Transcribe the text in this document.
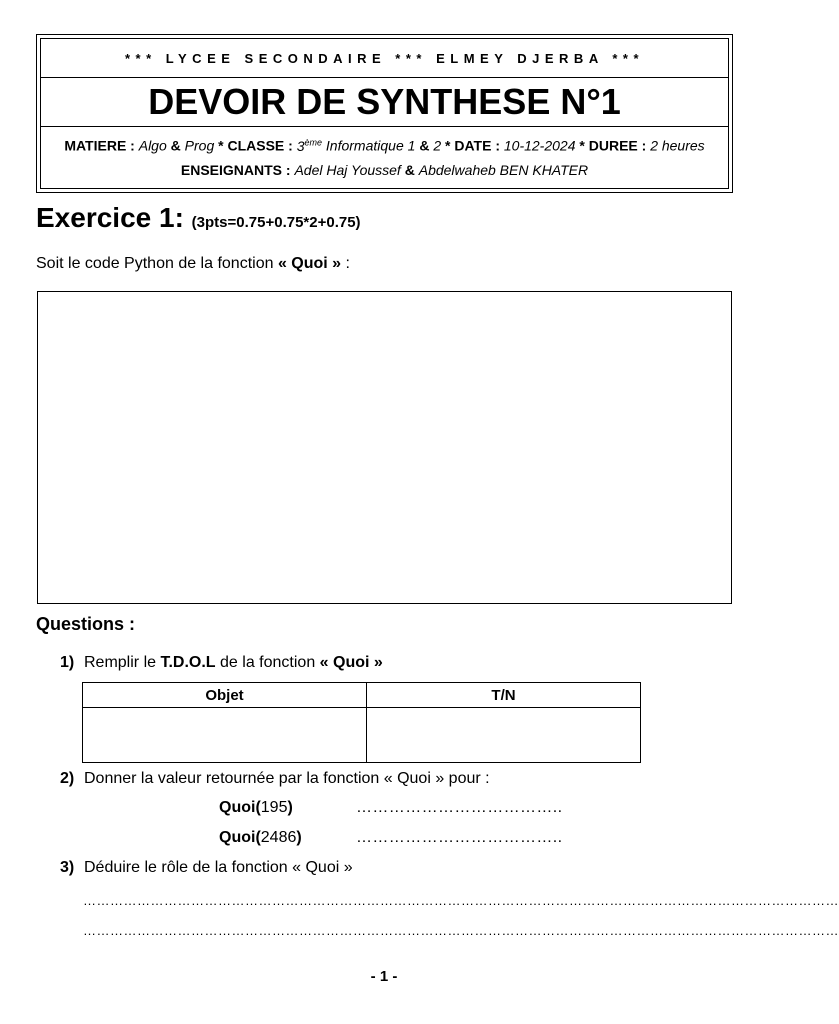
*** LYCEE SECONDAIRE *** ELMEY DJERBA ***
DEVOIR DE SYNTHESE N°1
MATIERE : Algo & Prog * CLASSE : 3ème Informatique 1 & 2 * DATE : 10-12-2024 * DUREE : 2 heures
ENSEIGNANTS : Adel Haj Youssef & Abdelwaheb BEN KHATER
Exercice 1: (3pts=0.75+0.75*2+0.75)
Soit le code Python de la fonction « Quoi » :
Questions :
1) Remplir le T.D.O.L de la fonction « Quoi »
Objet	T/N

2) Donner la valeur retournée par la fonction « Quoi » pour :
Quoi(195)	………………………………..
Quoi(2486)	………………………………..
3) Déduire le rôle de la fonction « Quoi »
……………………………………………………………………………………………………………………………………………………
……………………………………………………………………………………………………………………………………………………
- 1 -
